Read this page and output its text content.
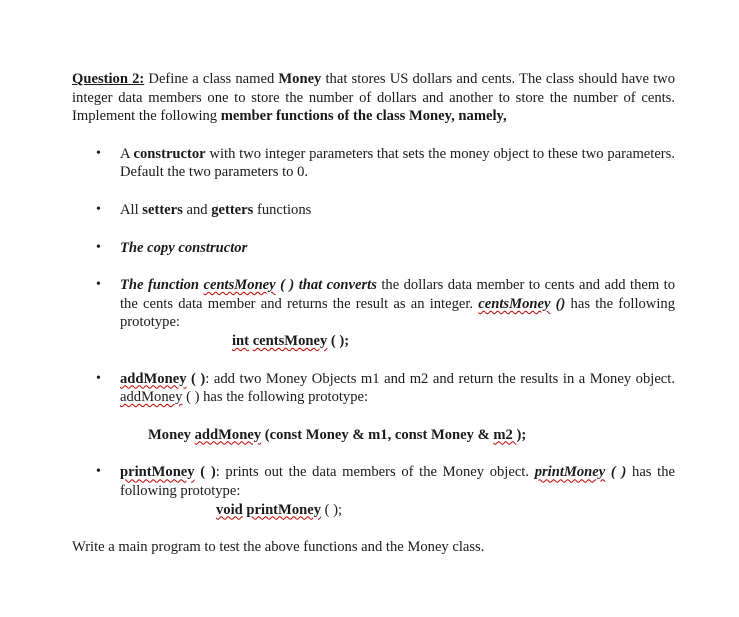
Question 2: Define a class named Money that stores US dollars and cents. The class should have two integer data members one to store the number of dollars and another to store the number of cents. Implement the following member functions of the class Money, namely,

• A constructor with two integer parameters that sets the money object to these two parameters. Default the two parameters to 0.
• All setters and getters functions
• The copy constructor
• The function centsMoney ( ) that converts the dollars data member to cents and add them to the cents data member and returns the result as an integer. centsMoney () has the following prototype:
int centsMoney ( );
• addMoney ( ): add two Money Objects m1 and m2 and return the results in a Money object. addMoney ( ) has the following prototype:
Money addMoney (const Money & m1, const Money & m2 );
• printMoney ( ): prints out the data members of the Money object. printMoney ( ) has the following prototype:
void printMoney ( );

Write a main program to test the above functions and the Money class.
